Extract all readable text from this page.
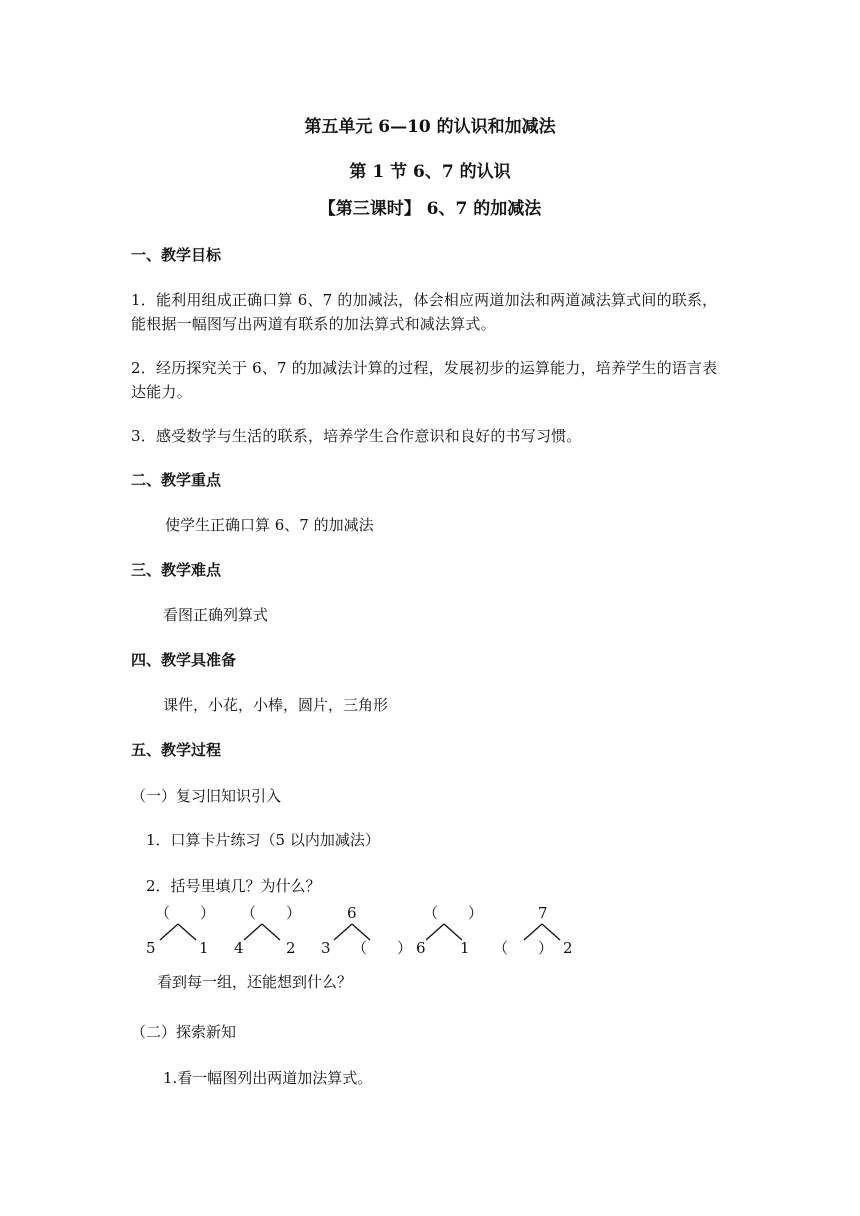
第五单元 6—10 的认识和加减法
第 1 节 6、7 的认识
【第三课时】 6、7 的加减法
一、教学目标
1．能利用组成正确口算 6、7 的加减法，体会相应两道加法和两道减法算式间的联系，能根据一幅图写出两道有联系的加法算式和减法算式。
2．经历探究关于 6、7 的加减法计算的过程，发展初步的运算能力，培养学生的语言表达能力。
3．感受数学与生活的联系，培养学生合作意识和良好的书写习惯。
二、教学重点
使学生正确口算 6、7 的加减法
三、教学难点
看图正确列算式
四、教学具准备
课件，小花，小棒，圆片，三角形
五、教学过程
（一）复习旧知识引入
1．口算卡片练习（5 以内加减法）
2．括号里填几？为什么？
（　　）
5	1
（　　）
4	2
6
3 （　　）
（　　）
6 1
7
（　　） 2
看到每一组，还能想到什么？
（二）探索新知
1.看一幅图列出两道加法算式。
